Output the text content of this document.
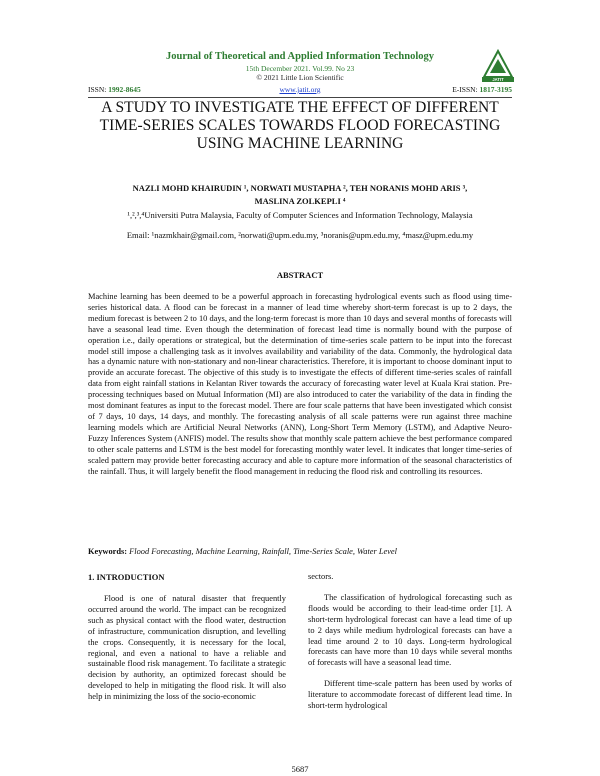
Journal of Theoretical and Applied Information Technology
15th December 2021. Vol.99. No 23
© 2021 Little Lion Scientific	JATIT
ISSN: 1992-8645	www.jatit.org	E-ISSN: 1817-3195
A STUDY TO INVESTIGATE THE EFFECT OF DIFFERENT TIME-SERIES SCALES TOWARDS FLOOD FORECASTING USING MACHINE LEARNING
NAZLI MOHD KHAIRUDIN ¹, NORWATI MUSTAPHA ², TEH NORANIS MOHD ARIS ³,
MASLINA ZOLKEPLI ⁴
¹,²,³,⁴Universiti Putra Malaysia, Faculty of Computer Sciences and Information Technology, Malaysia
Email: ¹nazmkhair@gmail.com, ²norwati@upm.edu.my, ³noranis@upm.edu.my, ⁴masz@upm.edu.my
ABSTRACT
Machine learning has been deemed to be a powerful approach in forecasting hydrological events such as flood using time-series historical data. A flood can be forecast in a manner of lead time whereby short-term forecast is up to 2 days, the medium forecast is between 2 to 10 days, and the long-term forecast is more than 10 days and several months of forecasts will have a seasonal lead time. Even though the determination of forecast lead time is normally bound with the purpose of operation i.e., daily operations or strategical, but the determination of time-series scale pattern to be input into the forecast model still impose a challenging task as it involves availability and variability of the data. Commonly, the hydrological data has a dynamic nature with non-stationary and non-linear characteristics. Therefore, it is important to choose dominant input to provide an accurate forecast. The objective of this study is to investigate the effects of different time-series scales of rainfall data from eight rainfall stations in Kelantan River towards the accuracy of forecasting water level at Kuala Krai station. Pre-processing techniques based on Mutual Information (MI) are also introduced to cater the variability of the data in finding the most dominant features as input to the forecast model. There are four scale patterns that have been investigated which consist of 7 days, 10 days, 14 days, and monthly. The forecasting analysis of all scale patterns were run against three machine learning models which are Artificial Neural Networks (ANN), Long-Short Term Memory (LSTM), and Adaptive Neuro-Fuzzy Inferences System (ANFIS) model. The results show that monthly scale pattern achieve the best performance compared to other scale patterns and LSTM is the best model for forecasting monthly water level. It indicates that longer time-series of scaled pattern may provide better forecasting accuracy and able to capture more information of the seasonal characteristics of the rainfall. Thus, it will largely benefit the flood management in reducing the flood risk and controlling its resources.
Keywords: Flood Forecasting, Machine Learning, Rainfall, Time-Series Scale, Water Level
1. INTRODUCTION

Flood is one of natural disaster that frequently occurred around the world. The impact can be recognized such as physical contact with the flood water, destruction of infrastructure, communication disruption, and levelling the crops. Consequently, it is necessary for the local, regional, and even a national to have a reliable and sustainable flood risk management. To facilitate a strategic decision by authority, an optimized forecast should be developed to help in mitigating the flood risk. It will also help in minimizing the loss of the socio-economic

sectors.

The classification of hydrological forecasting such as floods would be according to their lead-time order [1]. A short-term hydrological forecast can have a lead time of up to 2 days while medium hydrological forecasts can have a lead time around 2 to 10 days. Long-term hydrological forecasts can have more than 10 days while several months of forecasts will have a seasonal lead time.

Different time-scale pattern has been used by works of literature to accommodate forecast of different lead time. In short-term hydrological

5687
